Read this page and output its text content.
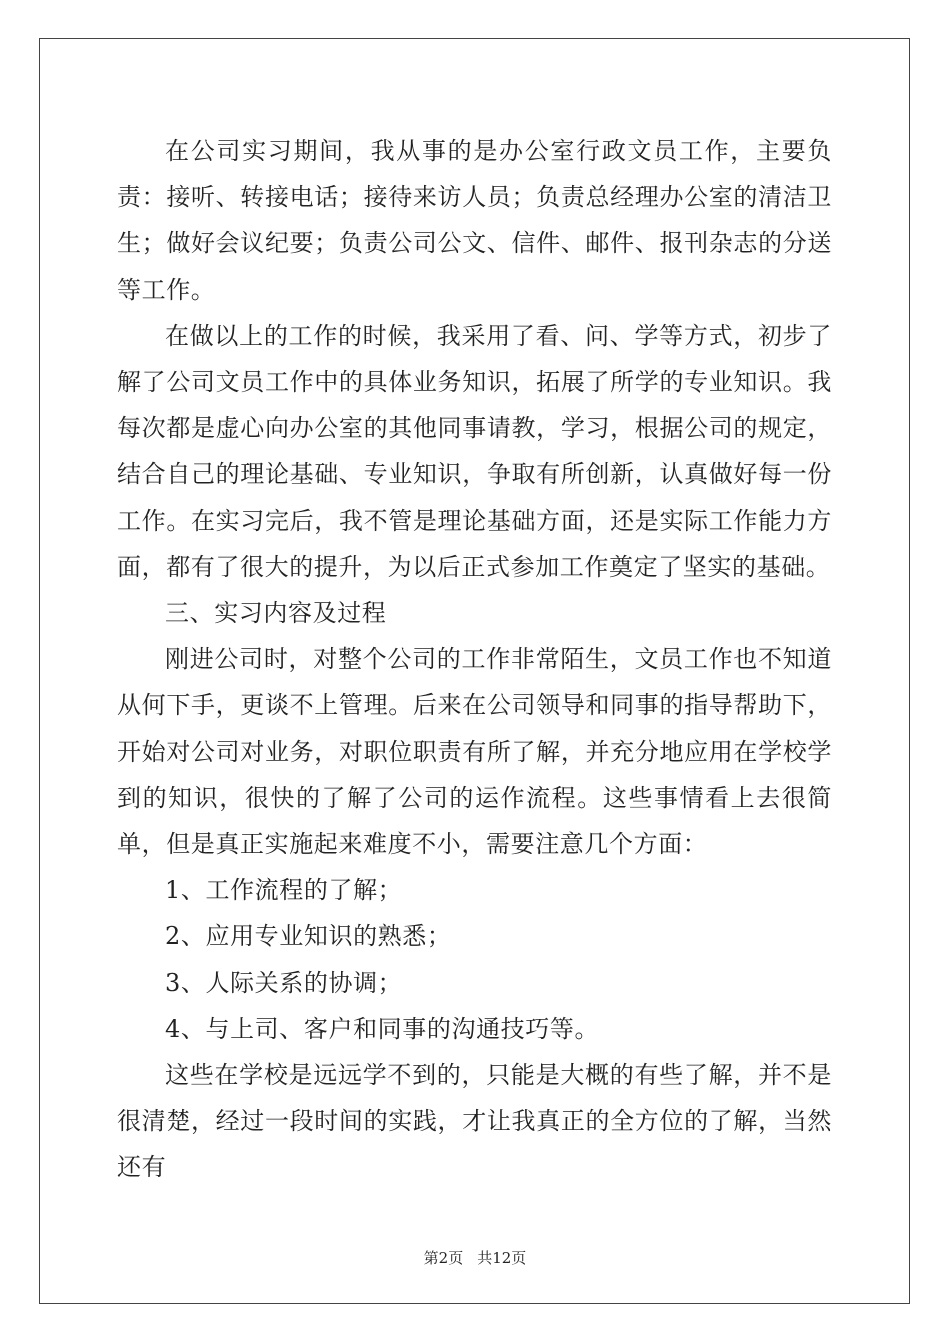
在公司实习期间，我从事的是办公室行政文员工作，主要负责：接听、转接电话；接待来访人员；负责总经理办公室的清洁卫生；做好会议纪要；负责公司公文、信件、邮件、报刊杂志的分送等工作。

在做以上的工作的时候，我采用了看、问、学等方式，初步了解了公司文员工作中的具体业务知识，拓展了所学的专业知识。我每次都是虚心向办公室的其他同事请教，学习，根据公司的规定，结合自己的理论基础、专业知识，争取有所创新，认真做好每一份工作。在实习完后，我不管是理论基础方面，还是实际工作能力方面，都有了很大的提升，为以后正式参加工作奠定了坚实的基础。

三、实习内容及过程

刚进公司时，对整个公司的工作非常陌生，文员工作也不知道从何下手，更谈不上管理。后来在公司领导和同事的指导帮助下，开始对公司对业务，对职位职责有所了解，并充分地应用在学校学到的知识，很快的了解了公司的运作流程。这些事情看上去很简单，但是真正实施起来难度不小，需要注意几个方面：

1、工作流程的了解；

2、应用专业知识的熟悉；

3、人际关系的协调；

4、与上司、客户和同事的沟通技巧等。

这些在学校是远远学不到的，只能是大概的有些了解，并不是很清楚，经过一段时间的实践，才让我真正的全方位的了解，当然还有

第2页 共12页
